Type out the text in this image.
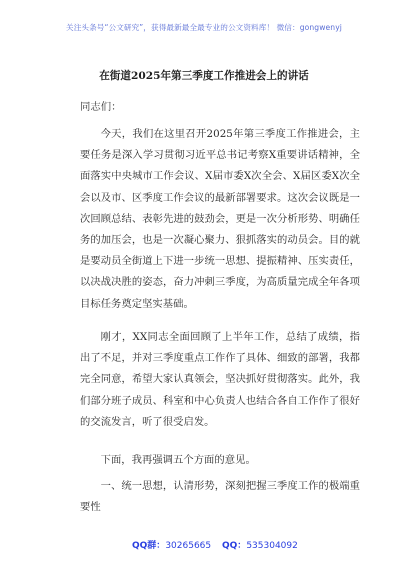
关注头条号“公文研究”，获得最新最全最专业的公文资料库！ 微信：gongwenyj
在街道2025年第三季度工作推进会上的讲话
同志们：

今天，我们在这里召开2025年第三季度工作推进会，主要任务是深入学习贯彻习近平总书记考察X重要讲话精神，全面落实中央城市工作会议、X届市委X次全会、X届区委X次全会以及市、区季度工作会议的最新部署要求。这次会议既是一次回顾总结、表彰先进的鼓劲会，更是一次分析形势、明确任务的加压会，也是一次凝心聚力、狠抓落实的动员会。目的就是要动员全街道上下进一步统一思想、提振精神、压实责任，以决战决胜的姿态，奋力冲刺三季度，为高质量完成全年各项目标任务奠定坚实基础。

刚才，XX同志全面回顾了上半年工作，总结了成绩，指出了不足，并对三季度重点工作作了具体、细致的部署，我都完全同意，希望大家认真领会，坚决抓好贯彻落实。此外，我们部分班子成员、科室和中心负责人也结合各自工作作了很好的交流发言，听了很受启发。

下面，我再强调五个方面的意见。

一、统一思想，认清形势，深刻把握三季度工作的极端重要性

QQ群：30265665 QQ：535304092
